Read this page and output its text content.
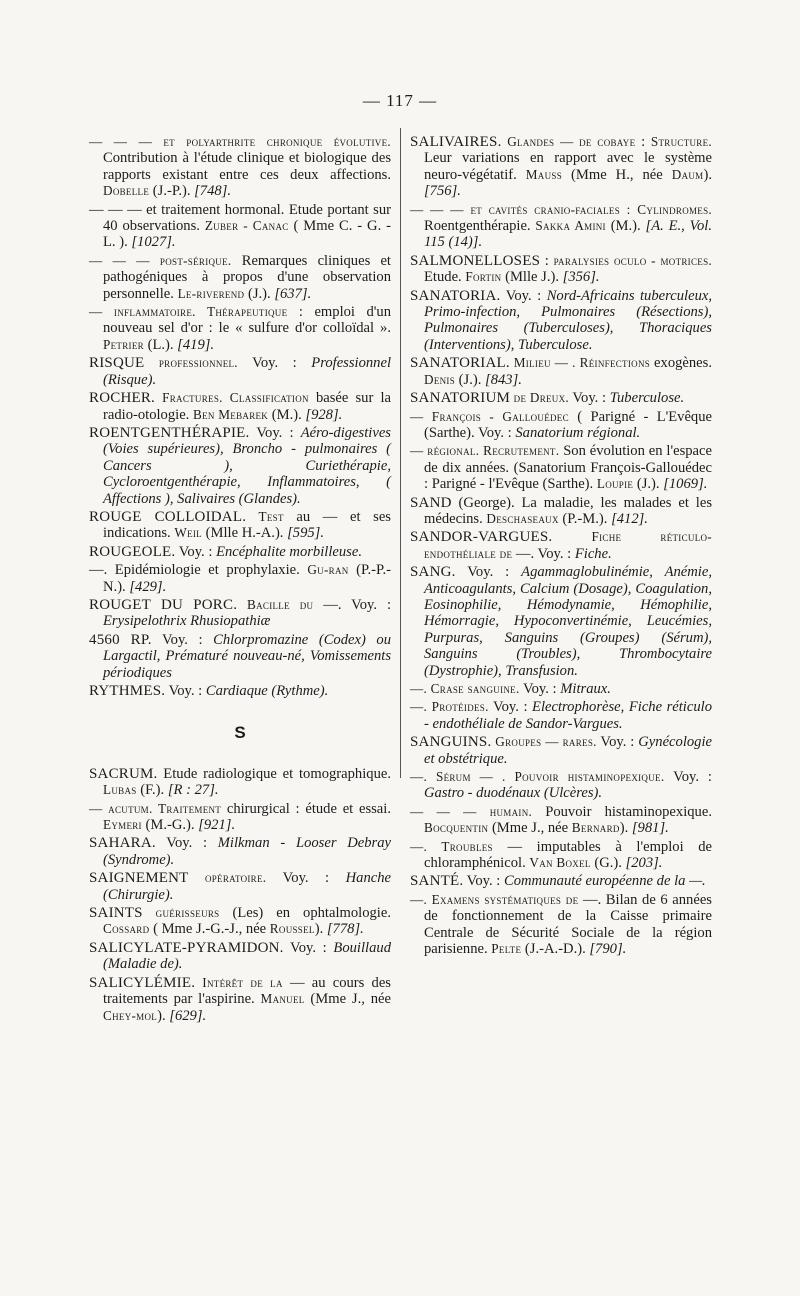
— 117 —

— — — et polyarthrite chronique évolutive. Contribution à l'étude clinique et biologique des rapports existant entre ces deux affections. Dobelle (J.-P.). [748].

— — — et traitement hormonal. Etude portant sur 40 observations. Zuber - Canac ( Mme C. - G. - L. ). [1027].

— — — post-sérique. Remarques cliniques et pathogéniques à propos d'une observation personnelle. Le-riverend (J.). [637].

— inflammatoire. Thérapeutique : emploi d'un nouveau sel d'or : le « sulfure d'or colloïdal ». Petrier (L.). [419].

RISQUE professionnel. Voy. : Professionnel (Risque).

ROCHER. Fractures. Classification basée sur la radio-otologie. Ben Mebarek (M.). [928].

ROENTGENTHÉRAPIE. Voy. : Aéro-digestives (Voies supérieures), Broncho - pulmonaires ( Cancers ), Curiethérapie, Cycloroentgenthérapie, Inflammatoires, ( Affections ), Salivaires (Glandes).

ROUGE COLLOIDAL. Test au — et ses indications. Weil (Mlle H.-A.). [595].

ROUGEOLE. Voy. : Encéphalite morbilleuse.

—. Epidémiologie et prophylaxie. Gu-ran (P.-P.-N.). [429].

ROUGET DU PORC. Bacille du —. Voy. : Erysipelothrix Rhusiopathiæ

4560 RP. Voy. : Chlorpromazine (Codex) ou Largactil, Prématuré nouveau-né, Vomissements périodiques

RYTHMES. Voy. : Cardiaque (Rythme).

S

SACRUM. Etude radiologique et tomographique. Lubas (F.). [R : 27].

— acutum. Traitement chirurgical : étude et essai. Eymeri (M.-G.). [921].

SAHARA. Voy. : Milkman - Looser Debray (Syndrome).

SAIGNEMENT opératoire. Voy. : Hanche (Chirurgie).

SAINTS guérisseurs (Les) en ophtalmologie. Cossard ( Mme J.-G.-J., née Roussel). [778].

SALICYLATE-PYRAMIDON. Voy. : Bouillaud (Maladie de).

SALICYLÉMIE. Intérêt de la — au cours des traitements par l'aspirine. Manuel (Mme J., née Chey-mol). [629].

SALIVAIRES. Glandes — de cobaye : Structure. Leur variations en rapport avec le système neuro-végétatif. Mauss (Mme H., née Daum). [756].

— — — et cavités cranio-faciales : Cylindromes. Roentgenthérapie. Sakka Amini (M.). [A. E., Vol. 115 (14)].

SALMONELLOSES : paralysies oculo - motrices. Etude. Fortin (Mlle J.). [356].

SANATORIA. Voy. : Nord-Africains tuberculeux, Primo-infection, Pulmonaires (Résections), Pulmonaires (Tuberculoses), Thoraciques (Interventions), Tuberculose.

SANATORIAL. Milieu — . Réinfections exogènes. Denis (J.). [843].

SANATORIUM de Dreux. Voy. : Tuberculose.

— François - Gallouédec ( Parigné - L'Evêque (Sarthe). Voy. : Sanatorium régional.

— régional. Recrutement. Son évolution en l'espace de dix années. (Sanatorium François-Gallouédec : Parigné - l'Evêque (Sarthe). Loupie (J.). [1069].

SAND (George). La maladie, les malades et les médecins. Deschaseaux (P.-M.). [412].

SANDOR-VARGUES. Fiche réticulo-endothéliale de —. Voy. : Fiche.

SANG. Voy. : Agammaglobulinémie, Anémie, Anticoagulants, Calcium (Dosage), Coagulation, Eosinophilie, Hémodynamie, Hémophilie, Hémorragie, Hypoconvertinémie, Leucémies, Purpuras, Sanguins (Groupes) (Sérum), Sanguins (Troubles), Thrombocytaire (Dystrophie), Transfusion.

—. Crase sanguine. Voy. : Mitraux.

—. Protéides. Voy. : Electrophorèse, Fiche réticulo - endothéliale de Sandor-Vargues.

SANGUINS. Groupes — rares. Voy. : Gynécologie et obstétrique.

—. Sérum — . Pouvoir histaminopexique. Voy. : Gastro - duodénaux (Ulcères).

— — — humain. Pouvoir histaminopexique. Bocquentin (Mme J., née Bernard). [981].

—. Troubles — imputables à l'emploi de chloramphénicol. Van Boxel (G.). [203].

SANTÉ. Voy. : Communauté européenne de la —.

—. Examens systématiques de —. Bilan de 6 années de fonctionnement de la Caisse primaire Centrale de Sécurité Sociale de la région parisienne. Pelte (J.-A.-D.). [790].
